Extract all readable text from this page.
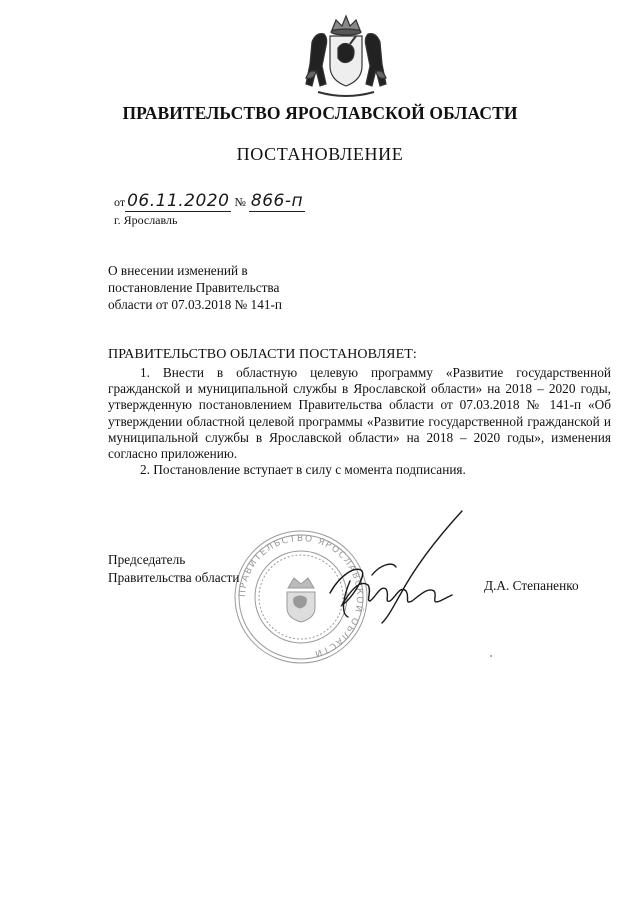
ПРАВИТЕЛЬСТВО ЯРОСЛАВСКОЙ ОБЛАСТИ
ПОСТАНОВЛЕНИЕ
от 06.11.2020 № 866-п
г. Ярославль
О внесении изменений в
постановление Правительства
области от 07.03.2018 № 141-п
ПРАВИТЕЛЬСТВО ОБЛАСТИ ПОСТАНОВЛЯЕТ:

1. Внести в областную целевую программу «Развитие государственной гражданской и муниципальной службы в Ярославской области» на 2018 – 2020 годы, утвержденную постановлением Правительства области от 07.03.2018 № 141-п «Об утверждении областной целевой программы «Развитие государственной гражданской и муниципальной службы в Ярославской области» на 2018 – 2020 годы», изменения согласно приложению.

2. Постановление вступает в силу с момента подписания.

ПРАВИТЕЛЬСТВО ЯРОСЛАВСКОЙ ОБЛАСТИ
Председатель
Правительства области
Д.А. Степаненко
